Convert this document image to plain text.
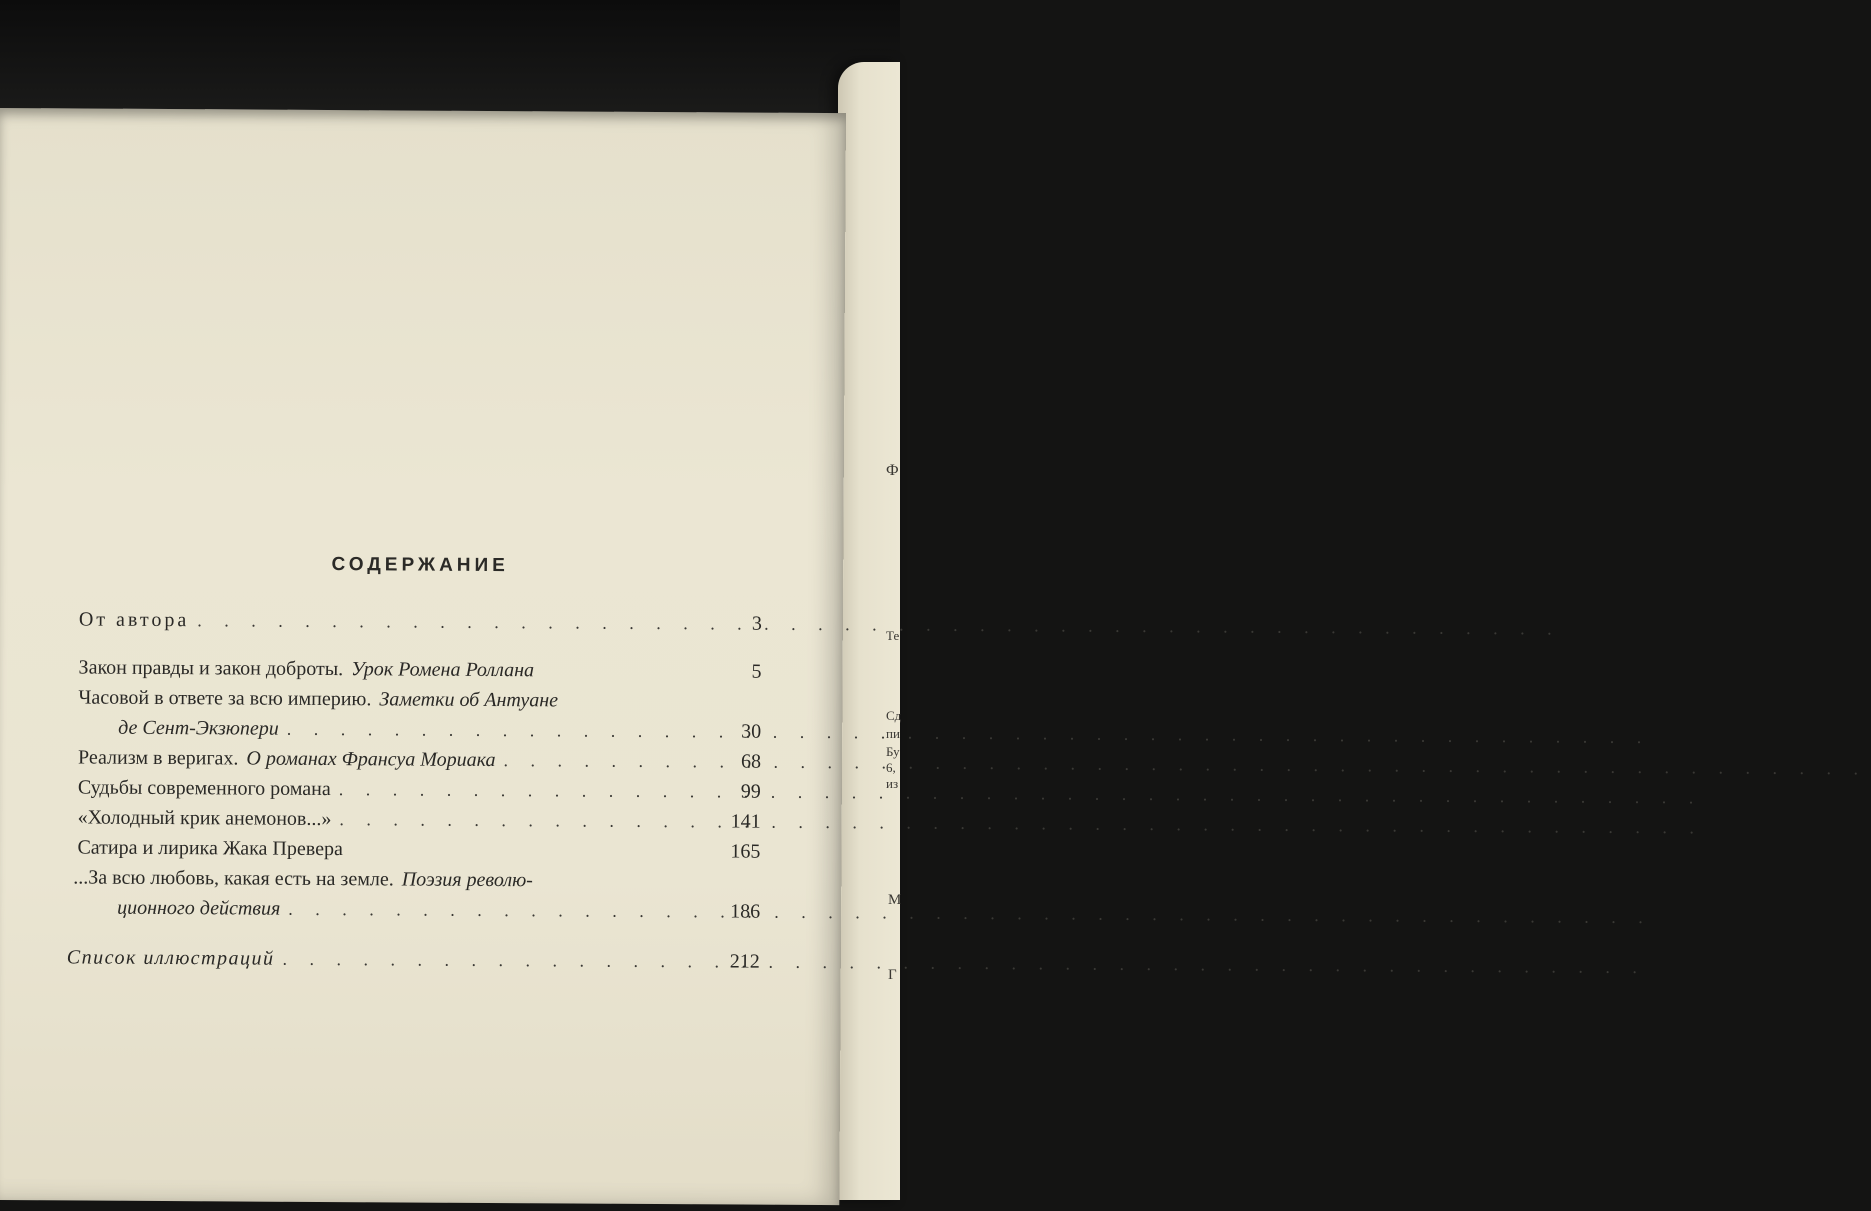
Ф
Те
Сд
пи
Бу
6,
из
М
Г
СОДЕРЖАНИЕ
От автора . . .	3
Закон правды и закон доброты. Урок Ромена Роллана	5
Часовой в ответе за всю империю. Заметки об Антуане
де Сент-Экзюпери . . .	30
Реализм в веригах. О романах Франсуа Мориака . . .	68
Судьбы современного романа . . .	99
«Холодный крик анемонов...» . . .	141
Сатира и лирика Жака Превера	165
...За всю любовь, какая есть на земле. Поэзия револю-
ционного действия . . .	186
Список иллюстраций . . .	212
